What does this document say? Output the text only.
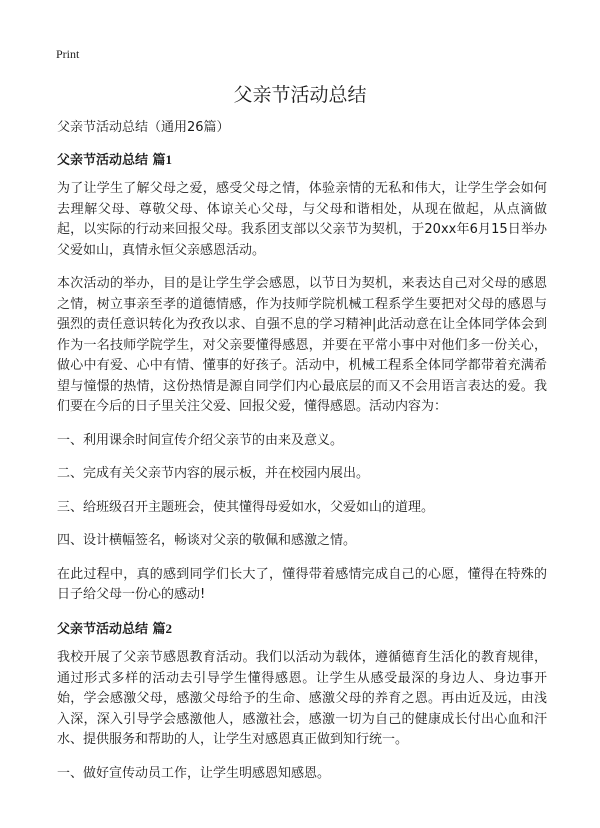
Print
父亲节活动总结
父亲节活动总结（通用26篇）
父亲节活动总结 篇1

为了让学生了解父母之爱，感受父母之情，体验亲情的无私和伟大，让学生学会如何去理解父母、尊敬父母、体谅关心父母，与父母和谐相处，从现在做起，从点滴做起，以实际的行动来回报父母。我系团支部以父亲节为契机，于20xx年6月15日举办父爱如山，真情永恒父亲感恩活动。

本次活动的举办，目的是让学生学会感恩，以节日为契机，来表达自己对父母的感恩之情，树立事亲至孝的道德情感，作为技师学院机械工程系学生要把对父母的感恩与强烈的责任意识转化为孜孜以求、自强不息的学习精神|此活动意在让全体同学体会到作为一名技师学院学生，对父亲要懂得感恩，并要在平常小事中对他们多一份关心，做心中有爱、心中有情、懂事的好孩子。活动中，机械工程系全体同学都带着充满希望与憧憬的热情，这份热情是源自同学们内心最底层的而又不会用语言表达的爱。我们要在今后的日子里关注父爱、回报父爱，懂得感恩。活动内容为：

一、利用课余时间宣传介绍父亲节的由来及意义。

二、完成有关父亲节内容的展示板，并在校园内展出。

三、给班级召开主题班会，使其懂得母爱如水，父爱如山的道理。

四、设计横幅签名，畅谈对父亲的敬佩和感激之情。

在此过程中，真的感到同学们长大了，懂得带着感情完成自己的心愿，懂得在特殊的日子给父母一份心的感动!

父亲节活动总结 篇2

我校开展了父亲节感恩教育活动。我们以活动为载体，遵循德育生活化的教育规律，通过形式多样的活动去引导学生懂得感恩。让学生从感受最深的身边人、身边事开始，学会感激父母，感激父母给予的生命、感激父母的养育之恩。再由近及远，由浅入深，深入引导学会感激他人，感激社会，感激一切为自己的健康成长付出心血和汗水、提供服务和帮助的人，让学生对感恩真正做到知行统一。

一、做好宣传动员工作，让学生明感恩知感恩。
